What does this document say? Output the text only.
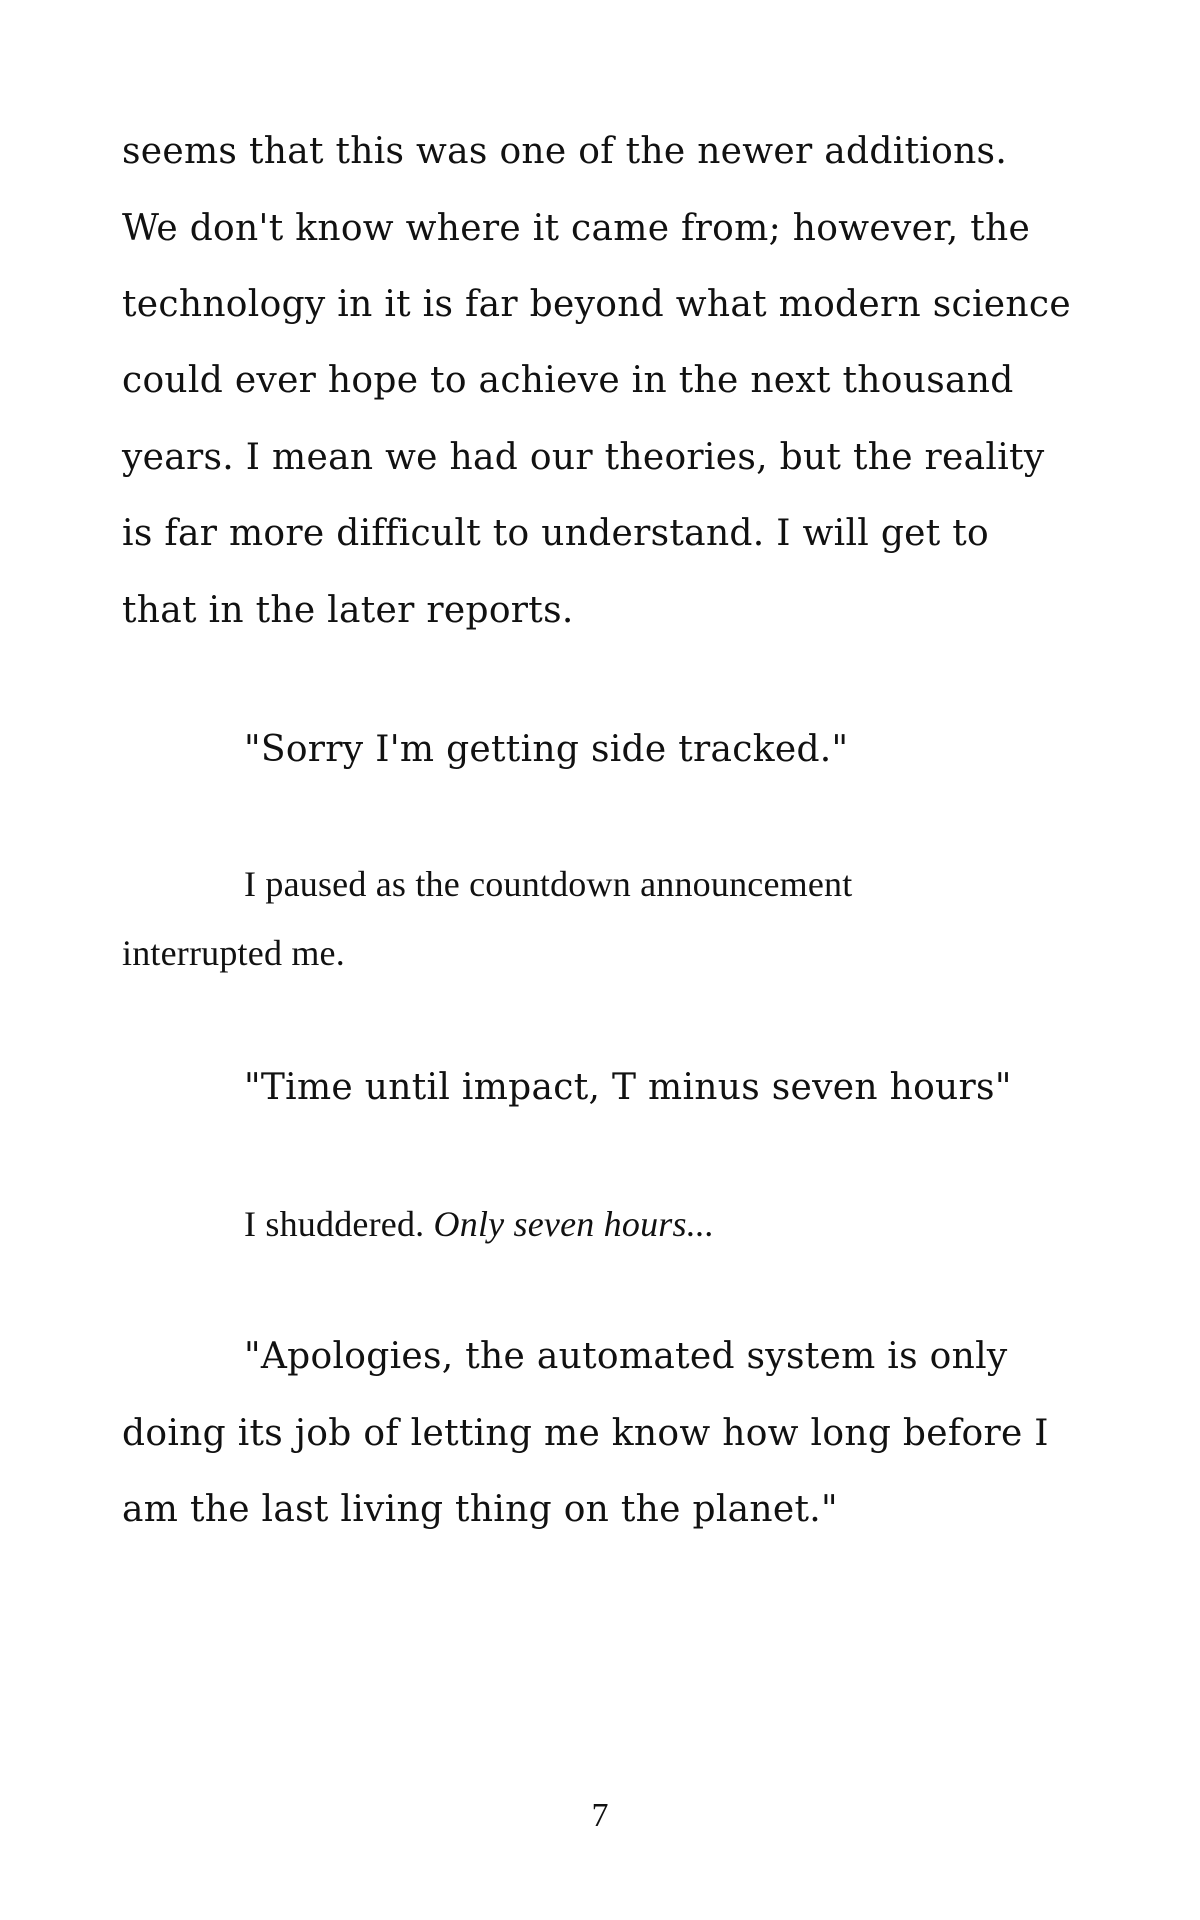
seems that this was one of the newer additions.

We don't know where it came from; however, the

technology in it is far beyond what modern science

could ever hope to achieve in the next thousand

years. I mean we had our theories, but the reality

is far more difficult to understand. I will get to

that in the later reports.

"Sorry I'm getting side tracked."

I paused as the countdown announcement

interrupted me.

"Time until impact, T minus seven hours"

I shuddered. Only seven hours...

"Apologies, the automated system is only

doing its job of letting me know how long before I

am the last living thing on the planet."

7
